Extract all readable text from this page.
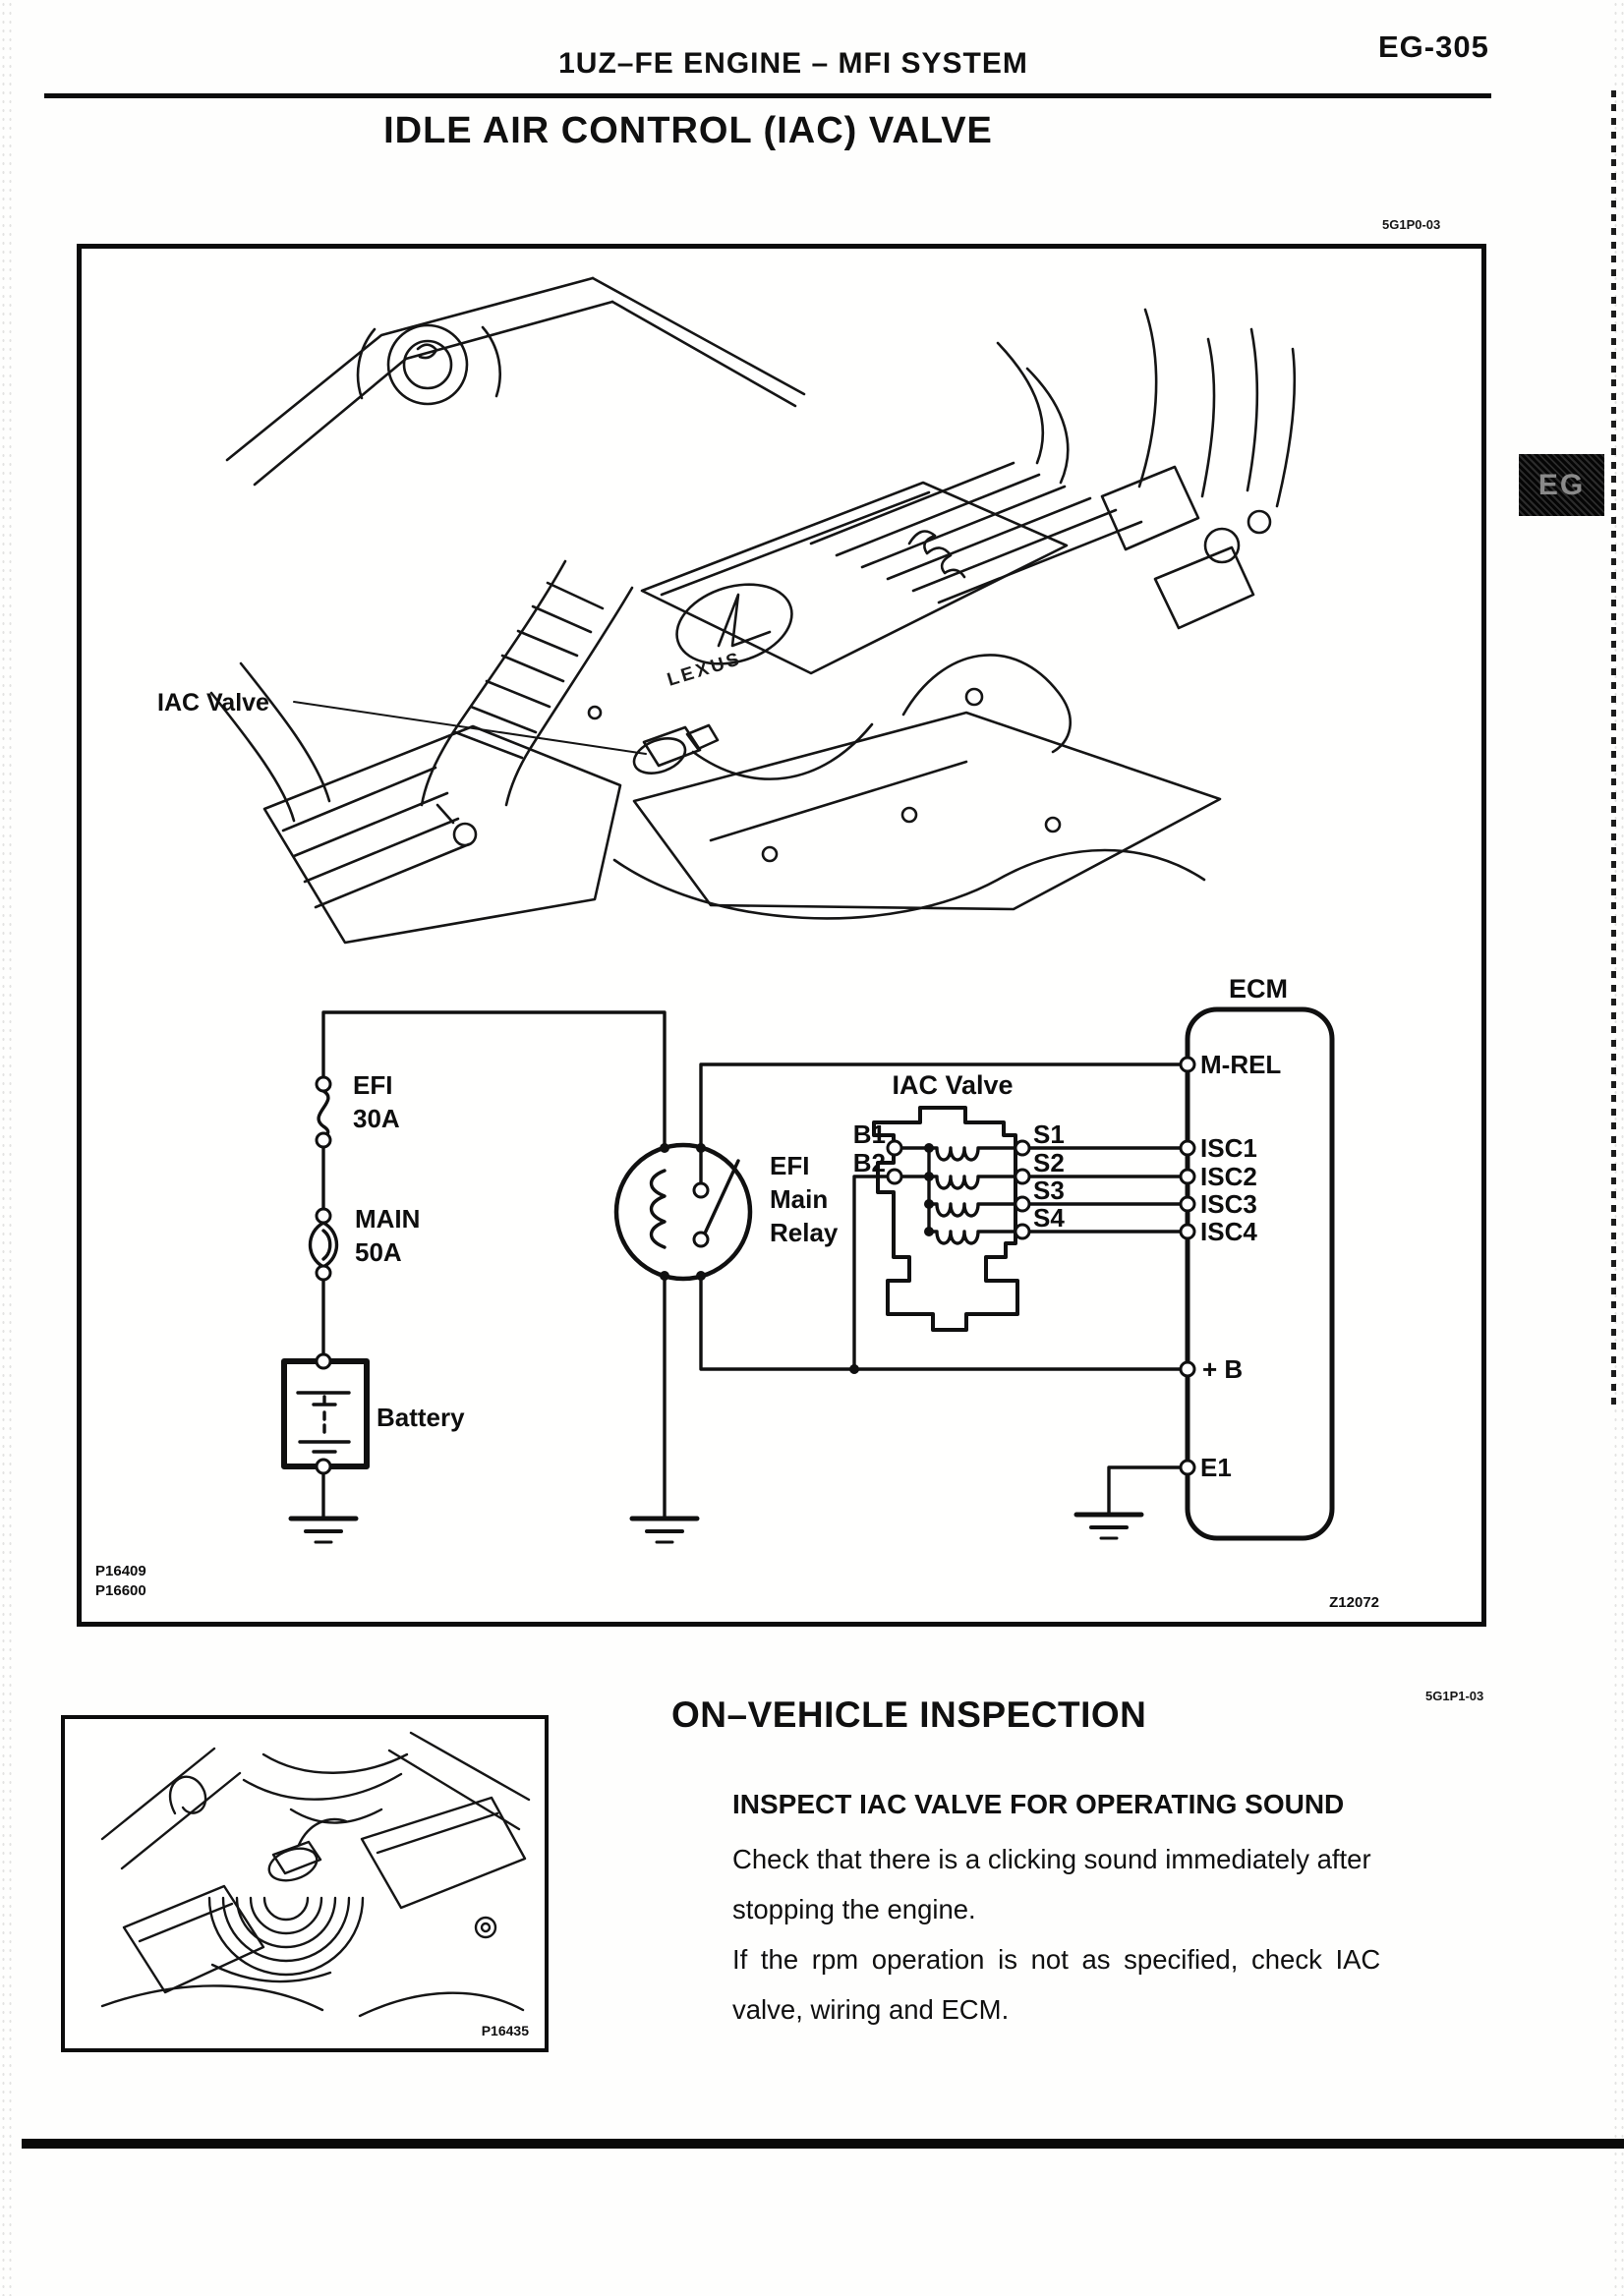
1UZ–FE ENGINE – MFI SYSTEM	EG-305
IDLE AIR CONTROL (IAC) VALVE
5G1P0-03
EG
LEXUS
IAC Valve
ECM
IAC Valve
B1
B2
S1
S2
S3
S4
M-REL
ISC1
ISC2
ISC3
ISC4
+ B
E1
EFI
30A
MAIN
50A
Battery
EFI
Main
Relay
P16409
P16600
Z12072
5G1P1-03
ON–VEHICLE INSPECTION
P16435
INSPECT IAC VALVE FOR OPERATING SOUND
Check that there is a clicking sound immediately after
stopping the engine.
If the rpm operation is not as specified, check IAC
valve, wiring and ECM.
